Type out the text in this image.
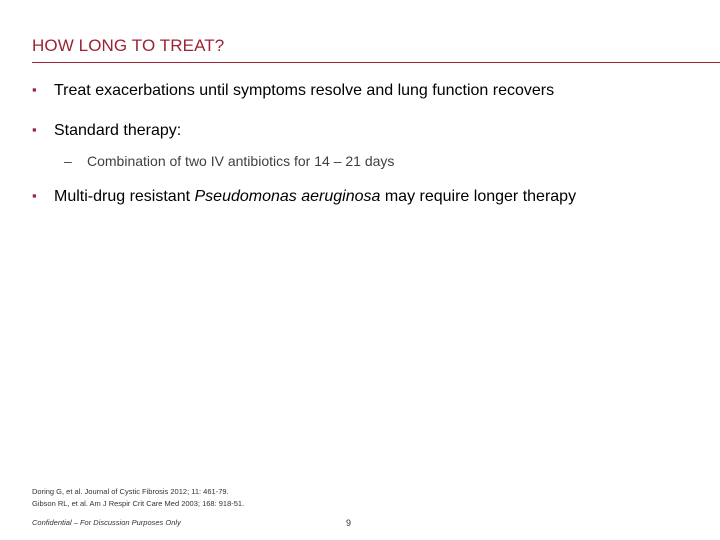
HOW LONG TO TREAT?
▪	Treat exacerbations until symptoms resolve and lung function recovers
▪	Standard therapy:
–	Combination of two IV antibiotics for 14 – 21 days
▪	Multi-drug resistant Pseudomonas aeruginosa may require longer therapy
Doring G, et al. Journal of Cystic Fibrosis 2012; 11: 461-79.
Gibson RL, et al. Am J Respir Crit Care Med 2003; 168: 918-51.
Confidential – For Discussion Purposes Only	9
